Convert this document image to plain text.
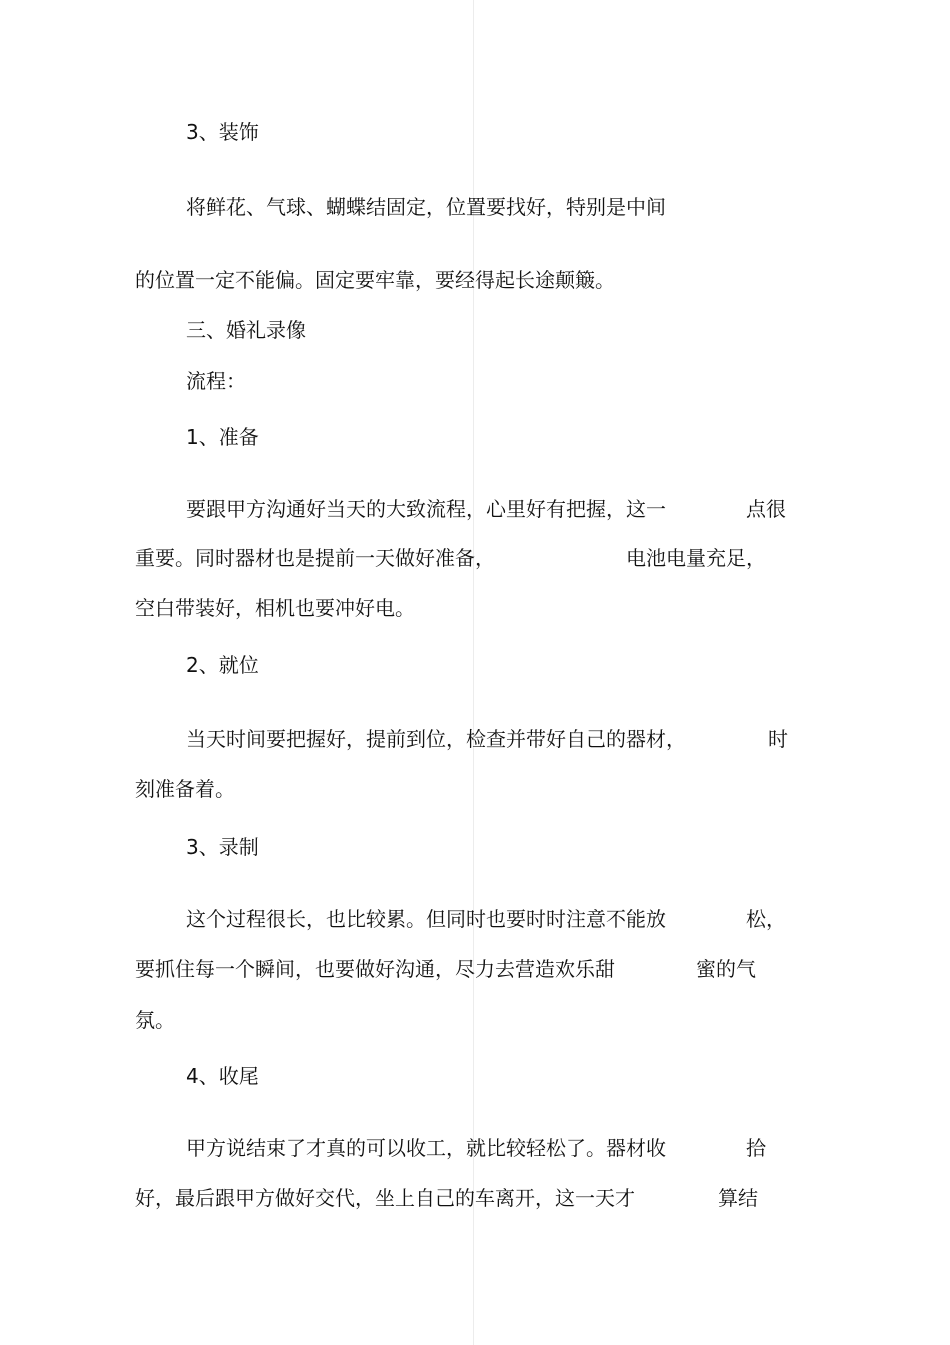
3、装饰

将鲜花、气球、蝴蝶结固定，位置要找好，特别是中间

的位置一定不能偏。固定要牢靠，要经得起长途颠簸。

三、婚礼录像

流程：

1、准备

要跟甲方沟通好当天的大致流程，心里好有把握，这一	点很

重要。同时器材也是提前一天做好准备，	电池电量充足，

空白带装好，相机也要冲好电。

2、就位

当天时间要把握好，提前到位，检查并带好自己的器材，	时

刻准备着。

3、录制

这个过程很长，也比较累。但同时也要时时注意不能放	松，

要抓住每一个瞬间，也要做好沟通，尽力去营造欢乐甜	蜜的气

氛。

4、收尾

甲方说结束了才真的可以收工，就比较轻松了。器材收	拾

好，最后跟甲方做好交代，坐上自己的车离开，这一天才	算结
